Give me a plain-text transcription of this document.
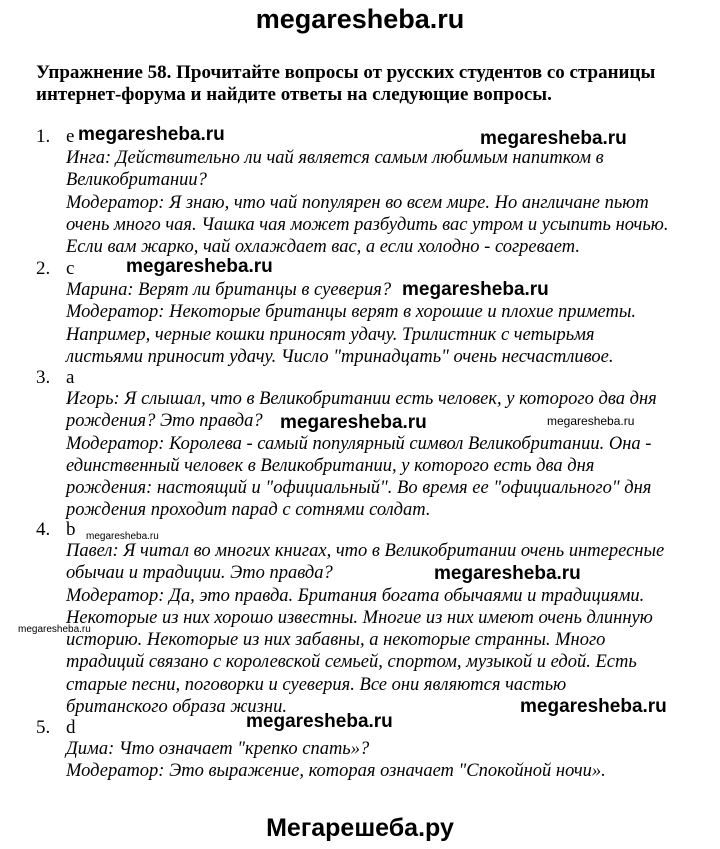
megaresheba.ru
Упражнение 58. Прочитайте вопросы от русских студентов со страницы
интернет-форума и найдите ответы на следующие вопросы.
1. e
Инга: Действительно ли чай является самым любимым напитком в
Великобритании?
Модератор: Я знаю, что чай популярен во всем мире. Но англичане пьют
очень много чая. Чашка чая может разбудить вас утром и усыпить ночью.
Если вам жарко, чай охлаждает вас, а если холодно - согревает.
2. c
Марина: Верят ли британцы в суеверия?
Модератор: Некоторые британцы верят в хорошие и плохие приметы.
Например, черные кошки приносят удачу. Трилистник с четырьмя
листьями приносит удачу. Число "тринадцать" очень несчастливое.
3. a
Игорь: Я слышал, что в Великобритании есть человек, у которого два дня
рождения? Это правда?
Модератор: Королева - самый популярный символ Великобритании. Она -
единственный человек в Великобритании, у которого есть два дня
рождения: настоящий и "официальный". Во время ее "официального" дня
рождения проходит парад с сотнями солдат.
4. b
Павел: Я читал во многих книгах, что в Великобритании очень интересные
обычаи и традиции. Это правда?
Модератор: Да, это правда. Британия богата обычаями и традициями.
Некоторые из них хорошо известны. Многие из них имеют очень длинную
историю. Некоторые из них забавны, а некоторые странны. Много
традиций связано с королевской семьей, спортом, музыкой и едой. Есть
старые песни, поговорки и суеверия. Все они являются частью
британского образа жизни.
5. d
Дима: Что означает "крепко спать»?
Модератор: Это выражение, которая означает "Спокойной ночи».
megaresheba.ru	megaresheba.ru
megaresheba.ru
megaresheba.ru
megaresheba.ru	megaresheba.ru
megaresheba.ru
megaresheba.ru
megaresheba.ru
megaresheba.ru
megaresheba.ru
Мегарешеба.ру
